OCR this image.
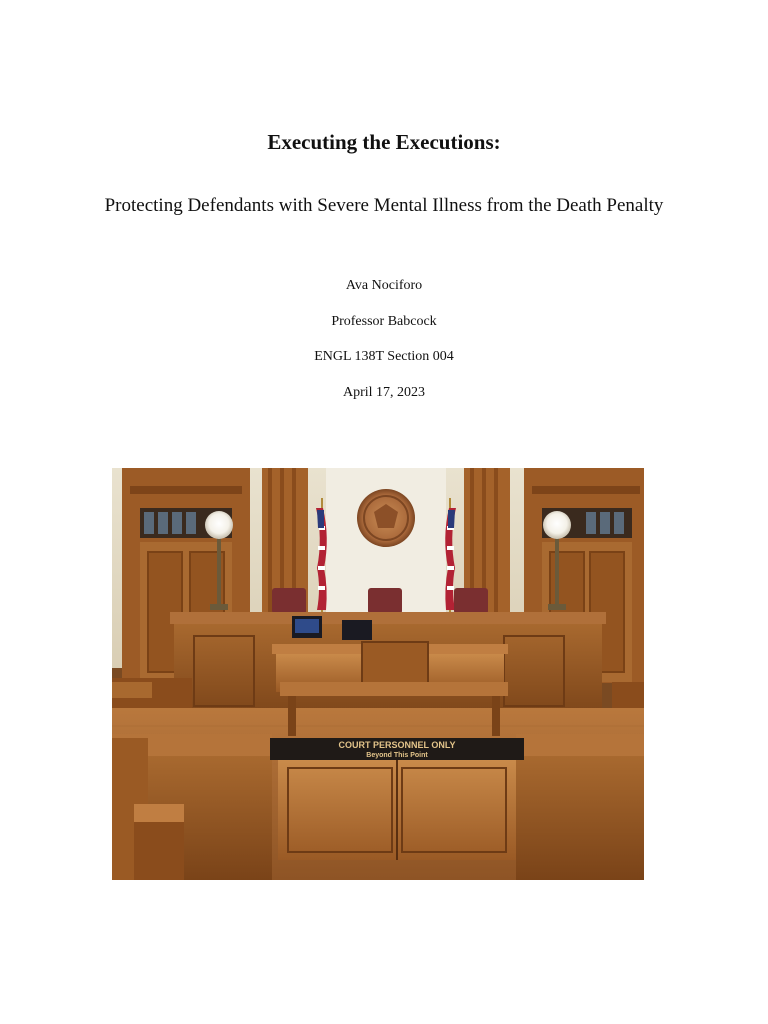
Executing the Executions:
Protecting Defendants with Severe Mental Illness from the Death Penalty
Ava Nociforo
Professor Babcock
ENGL 138T Section 004
April 17, 2023
COURT PERSONNEL ONLY
Beyond This Point
